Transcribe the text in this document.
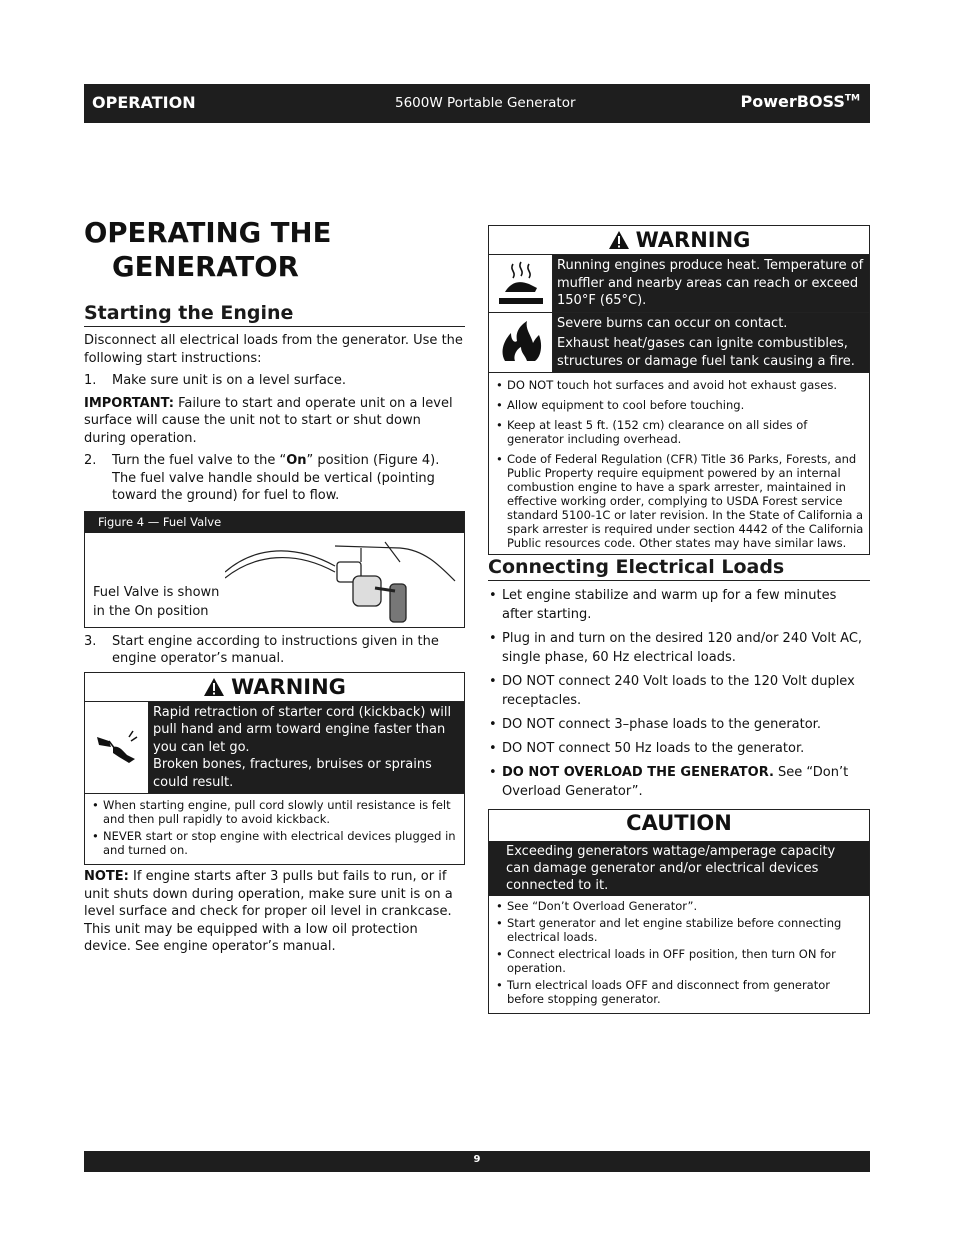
OPERATION	5600W Portable Generator	PowerBOSS™
OPERATING THE
GENERATOR
Starting the Engine

Disconnect all electrical loads from the generator. Use the following start instructions:

1.	Make sure unit is on a level surface.

IMPORTANT: Failure to start and operate unit on a level surface will cause the unit not to start or shut down during operation.

2.	Turn the fuel valve to the “On” position (Figure 4). The fuel valve handle should be vertical (pointing toward the ground) for fuel to flow.
Figure 4 — Fuel Valve
Fuel Valve is shown
in the On position
3.	Start engine according to instructions given in the engine operator’s manual.
WARNING
Rapid retraction of starter cord (kickback) will pull hand and arm toward engine faster than you can let go.
Broken bones, fractures, bruises or sprains could result.
• When starting engine, pull cord slowly until resistance is felt and then pull rapidly to avoid kickback.
• NEVER start or stop engine with electrical devices plugged in and turned on.

NOTE: If engine starts after 3 pulls but fails to run, or if unit shuts down during operation, make sure unit is on a level surface and check for proper oil level in crankcase. This unit may be equipped with a low oil protection device. See engine operator’s manual.

WARNING
Running engines produce heat. Temperature of muffler and nearby areas can reach or exceed 150°F (65°C).
Severe burns can occur on contact.
Exhaust heat/gases can ignite combustibles, structures or damage fuel tank causing a fire.
• DO NOT touch hot surfaces and avoid hot exhaust gases.
• Allow equipment to cool before touching.
• Keep at least 5 ft. (152 cm) clearance on all sides of generator including overhead.
• Code of Federal Regulation (CFR) Title 36 Parks, Forests, and Public Property require equipment powered by an internal combustion engine to have a spark arrester, maintained in effective working order, complying to USDA Forest service standard 5100-1C or later revision. In the State of California a spark arrester is required under section 4442 of the California Public resources code. Other states may have similar laws.
Connecting Electrical Loads
• Let engine stabilize and warm up for a few minutes after starting.
• Plug in and turn on the desired 120 and/or 240 Volt AC, single phase, 60 Hz electrical loads.
• DO NOT connect 240 Volt loads to the 120 Volt duplex receptacles.
• DO NOT connect 3–phase loads to the generator.
• DO NOT connect 50 Hz loads to the generator.
• DO NOT OVERLOAD THE GENERATOR. See “Don’t Overload Generator”.
CAUTION
Exceeding generators wattage/amperage capacity can damage generator and/or electrical devices connected to it.
• See “Don’t Overload Generator”.
• Start generator and let engine stabilize before connecting electrical loads.
• Connect electrical loads in OFF position, then turn ON for operation.
• Turn electrical loads OFF and disconnect from generator before stopping generator.
9
